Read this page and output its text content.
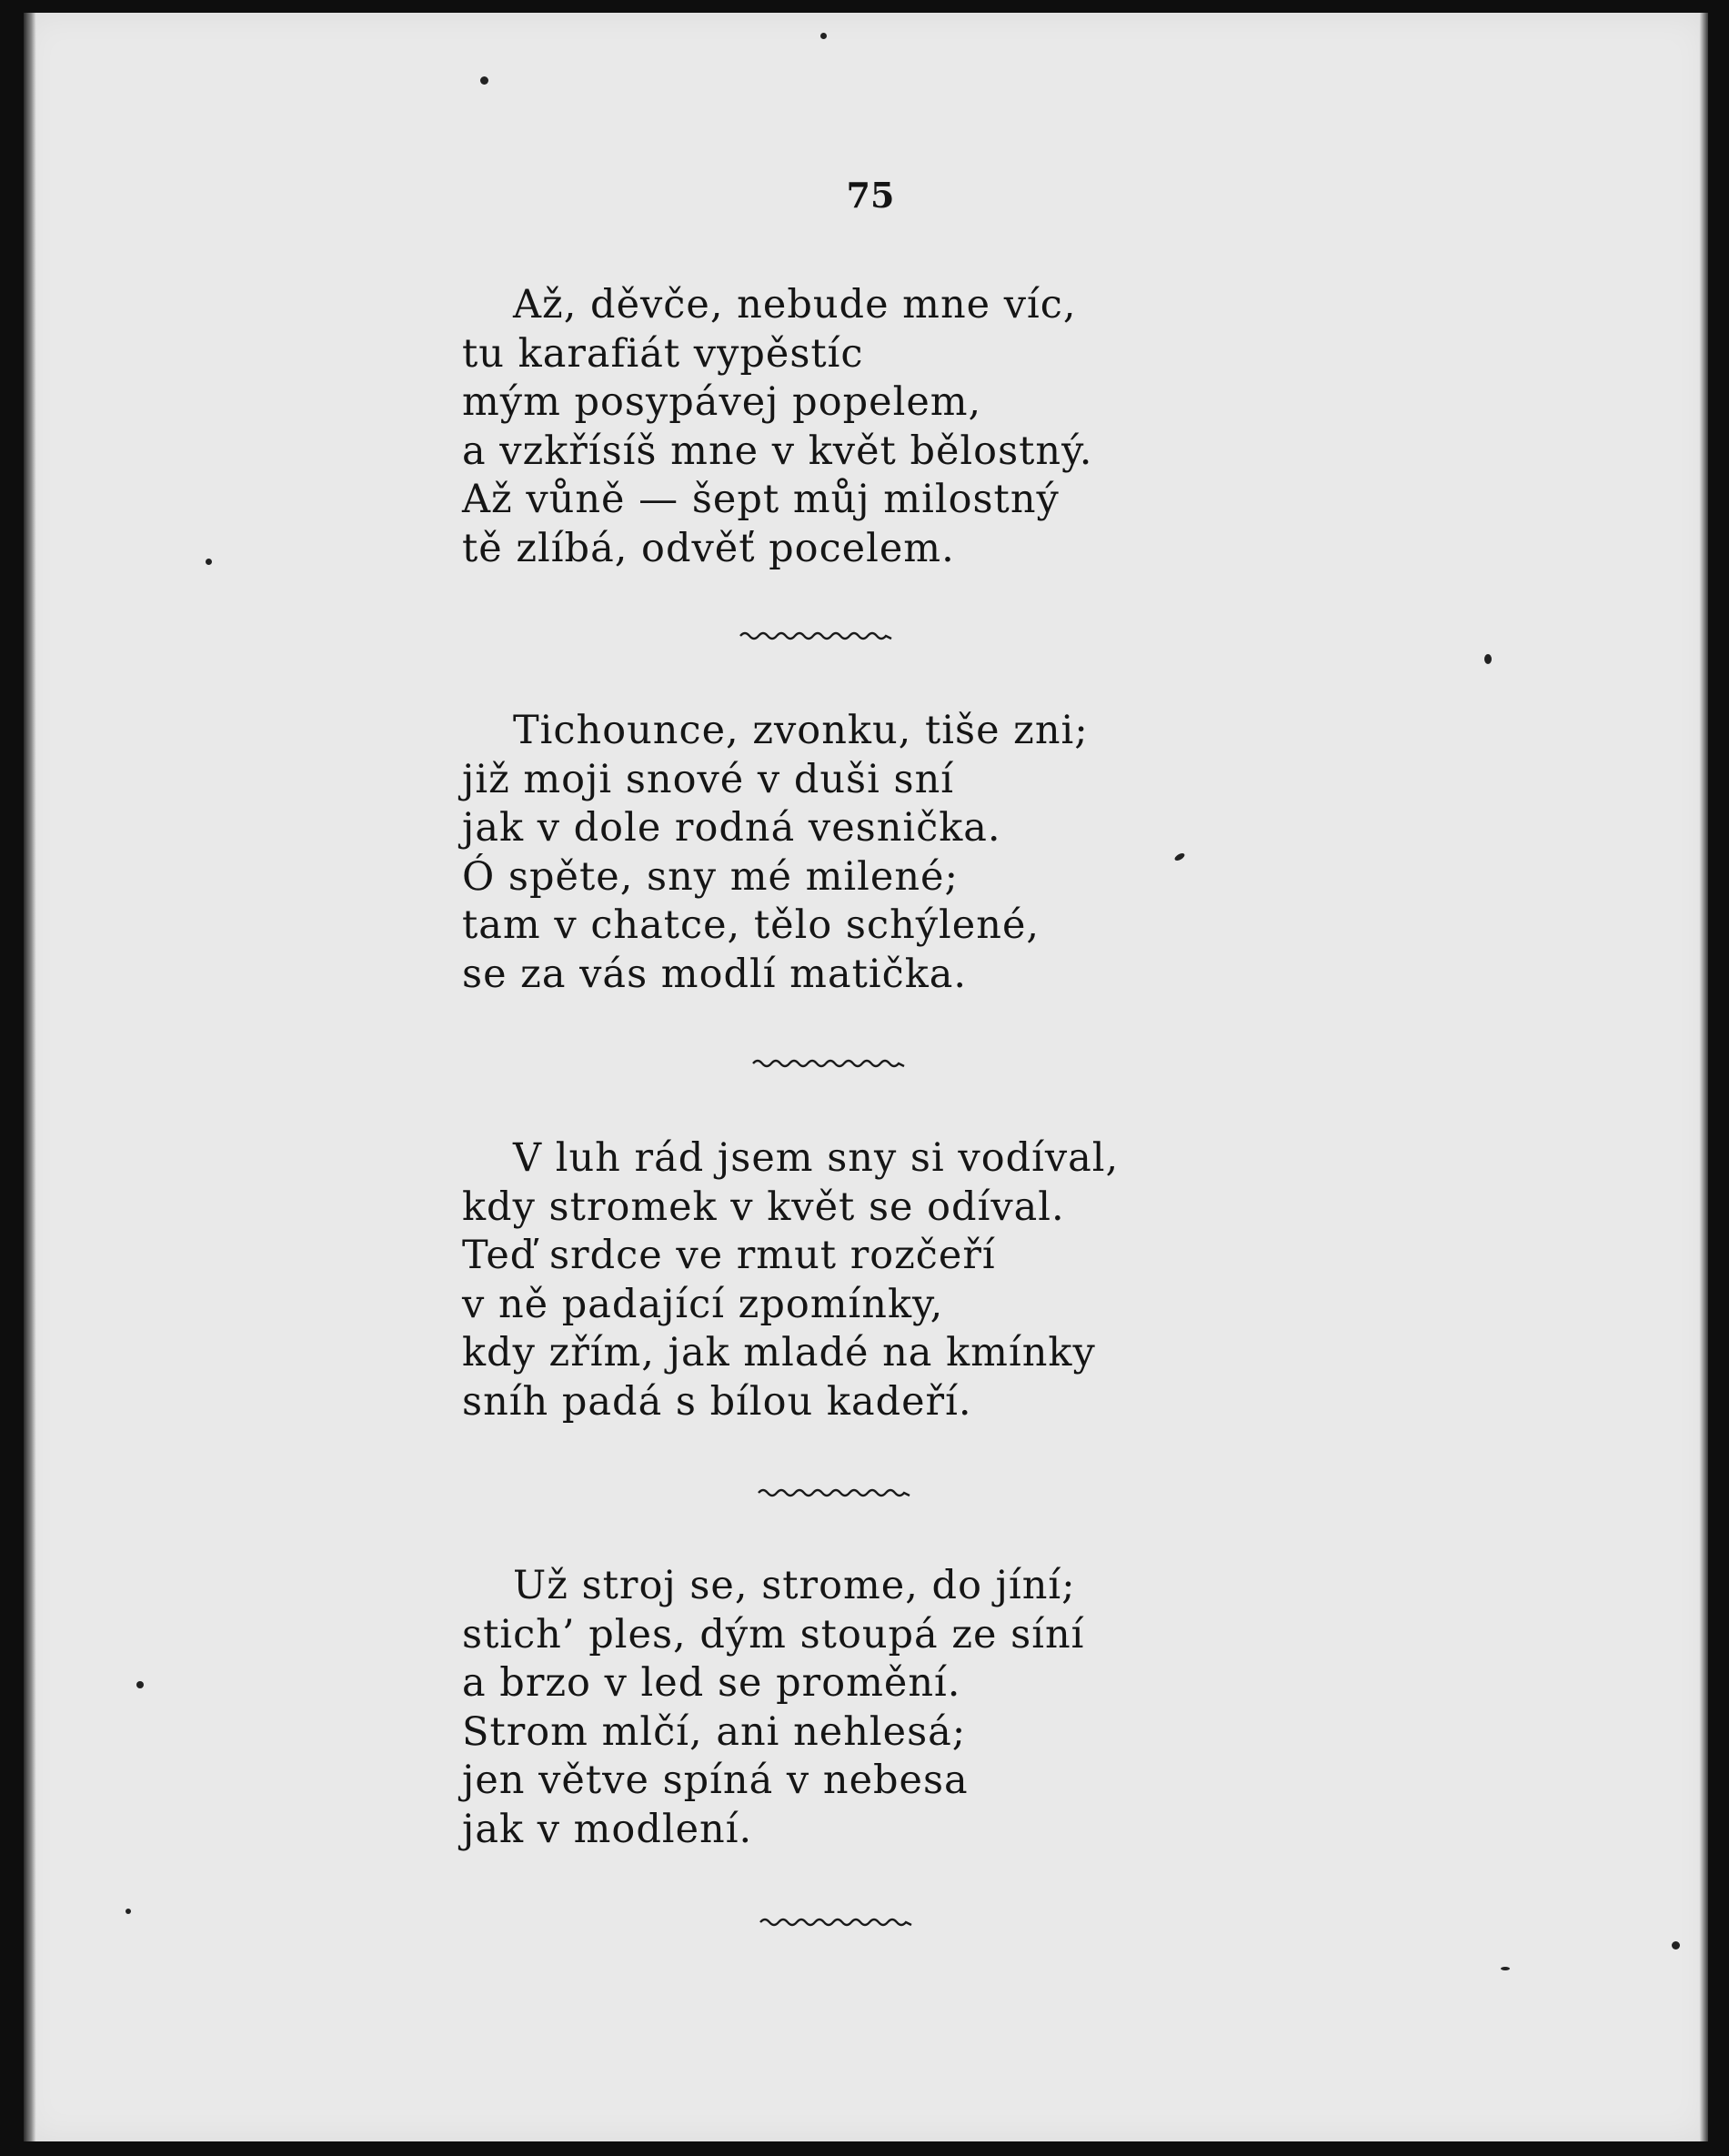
75
Až, děvče, nebude mne víc,
tu karafiát vypěstíc
mým posypávej popelem,
a vzkřísíš mne v květ bělostný.
Až vůně — šept můj milostný
tě zlíbá, odvěť pocelem.
Tichounce, zvonku, tiše zni;
již moji snové v duši sní
jak v dole rodná vesnička.
Ó spěte, sny mé milené;
tam v chatce, tělo schýlené,
se za vás modlí matička.
V luh rád jsem sny si vodíval,
kdy stromek v květ se odíval.
Teď srdce ve rmut rozčeří
v ně padající zpomínky,
kdy zřím, jak mladé na kmínky
sníh padá s bílou kadeří.
Už stroj se, strome, do jíní;
stich’ ples, dým stoupá ze síní
a brzo v led se promění.
Strom mlčí, ani nehlesá;
jen větve spíná v nebesa
jak v modlení.
